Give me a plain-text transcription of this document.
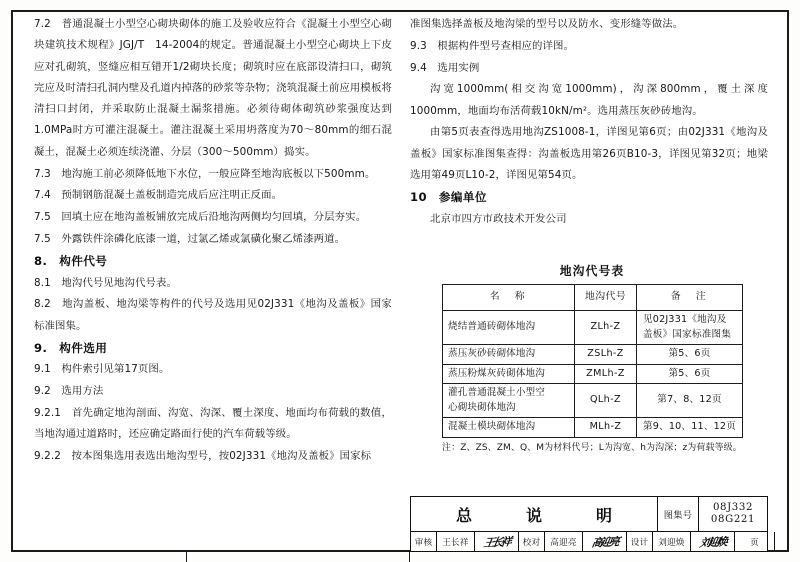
7.2　普通混凝土小型空心砌块砌体的施工及验收应符合《混凝土小型空心砌块建筑技术规程》JGJ/T　14-2004的规定。普通混凝土小型空心砌块上下皮应对孔砌筑，竖缝应相互错开1/2砌块长度；砌筑时应在底部设清扫口，砌筑完应及时清扫孔洞内壁及孔道内掉落的砂浆等杂物；浇筑混凝土前应用模板将清扫口封闭，并采取防止混凝土漏浆措施。必须待砌体砌筑砂浆强度达到1.0MPa时方可灌注混凝土。灌注混凝土采用坍落度为70～80mm的细石混凝土，混凝土必须连续浇灌、分层（300～500mm）捣实。

7.3　地沟施工前必须降低地下水位，一般应降至地沟底板以下500mm。

7.4　预制钢筋混凝土盖板制造完成后应注明正反面。

7.5　回填土应在地沟盖板铺放完成后沿地沟两侧均匀回填，分层夯实。

7.5　外露铁件涂磷化底漆一道，过氯乙烯或氯磺化聚乙烯漆两道。

8.　构件代号

8.1　地沟代号见地沟代号表。

8.2　地沟盖板、地沟梁等构件的代号及选用见02J331《地沟及盖板》国家标准图集。

9.　构件选用

9.1　构件索引见第17页图。

9.2　选用方法

9.2.1　首先确定地沟剖面、沟宽、沟深、覆土深度、地面均布荷载的数值，当地沟通过道路时，还应确定路面行使的汽车荷载等级。

9.2.2　按本图集选用表选出地沟型号，按02J331《地沟及盖板》国家标

准图集选择盖板及地沟梁的型号以及防水、变形缝等做法。

9.3　根据构件型号查相应的详图。

9.4　选用实例

沟宽1000mm(相交沟宽1000mm)，沟深800mm，覆土深度1000mm，地面均布活荷载10kN/m²。选用蒸压灰砂砖地沟。

由第5页表查得选用地沟ZS1008-1，详图见第6页；由02J331《地沟及盖板》国家标准图集查得：沟盖板选用第26页B10-3，详图见第32页；地梁选用第49页L10-2，详图见第54页。

10　参编单位

北京市四方市政技术开发公司

地沟代号表
名　称	地沟代号	备　注
烧结普通砖砌体地沟	ZLh-Z	见02J331《地沟及
盖板》国家标准图集

蒸压灰砂砖砌体地沟	ZSLh-Z	第5、6页
蒸压粉煤灰砖砌体地沟	ZMLh-Z	第5、6页

灌孔普通混凝土小型空
心砌块砌体地沟	QLh-Z	第7、8、12页
混凝土模块砌体地沟	MLh-Z	第9、10、11、12页
注：Z、ZS、ZM、Q、M为材料代号；L为沟宽、h为沟深；z为荷载等级。
总　说　明	图集号
08J332
08G221
审核	王长祥	王长祥	校对	高迎亮	高迎亮	设计	刘迎焕	刘迎焕	页
